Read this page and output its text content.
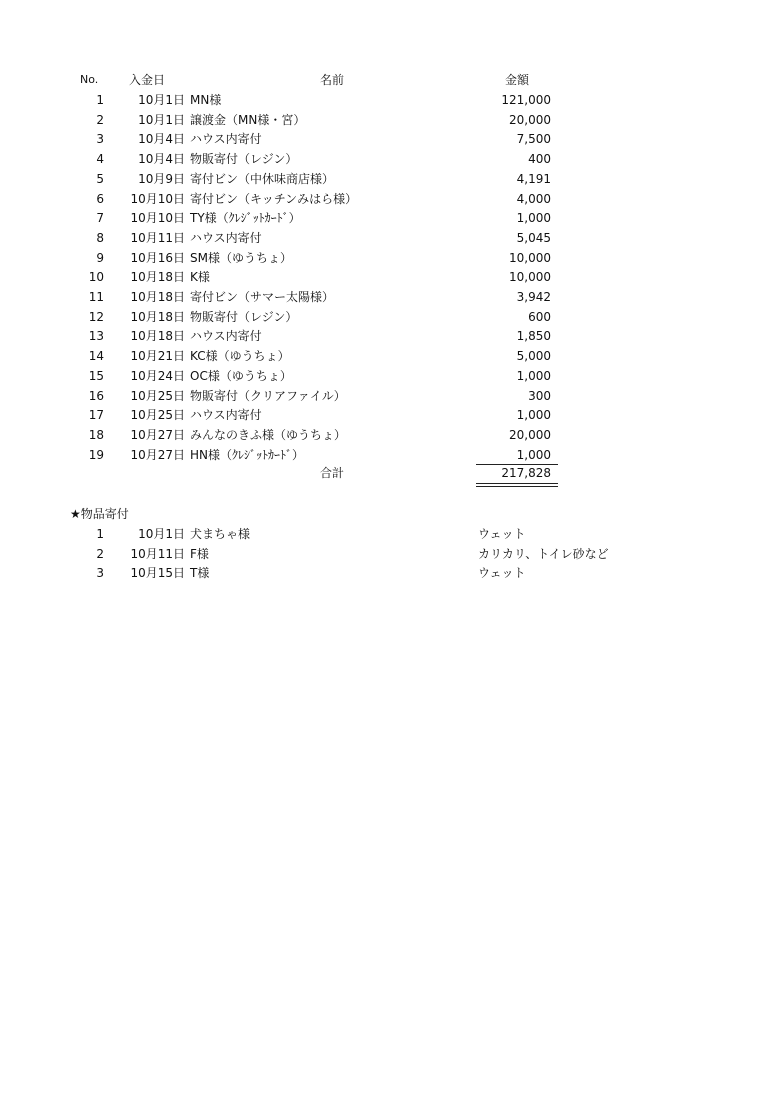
No.	入金日	名前	金額
1	10月1日 MN様	121,000
2	10月1日 譲渡金（MN様・宮）	20,000
3	10月4日 ハウス内寄付	7,500
4	10月4日 物販寄付（レジン）	400
5	10月9日 寄付ビン（中休味商店様）	4,191
6	10月10日 寄付ビン（キッチンみはら様）	4,000
7	10月10日 TY様（ｸﾚｼﾞｯﾄｶｰﾄﾞ）	1,000
8	10月11日 ハウス内寄付	5,045
9	10月16日 SM様（ゆうちょ）	10,000
10	10月18日 K様	10,000
11	10月18日 寄付ビン（サマー太陽様）	3,942
12	10月18日 物販寄付（レジン）	600
13	10月18日 ハウス内寄付	1,850
14	10月21日 KC様（ゆうちょ）	5,000
15	10月24日 OC様（ゆうちょ）	1,000
16	10月25日 物販寄付（クリアファイル）	300
17	10月25日 ハウス内寄付	1,000
18	10月27日 みんなのきふ様（ゆうちょ）	20,000
19	10月27日 HN様（ｸﾚｼﾞｯﾄｶｰﾄﾞ）	1,000
合計	217,828
★物品寄付
1	10月1日 犬まちゃ様	ウェット
2	10月11日 F様	カリカリ、トイレ砂など
3	10月15日 T様	ウェット
